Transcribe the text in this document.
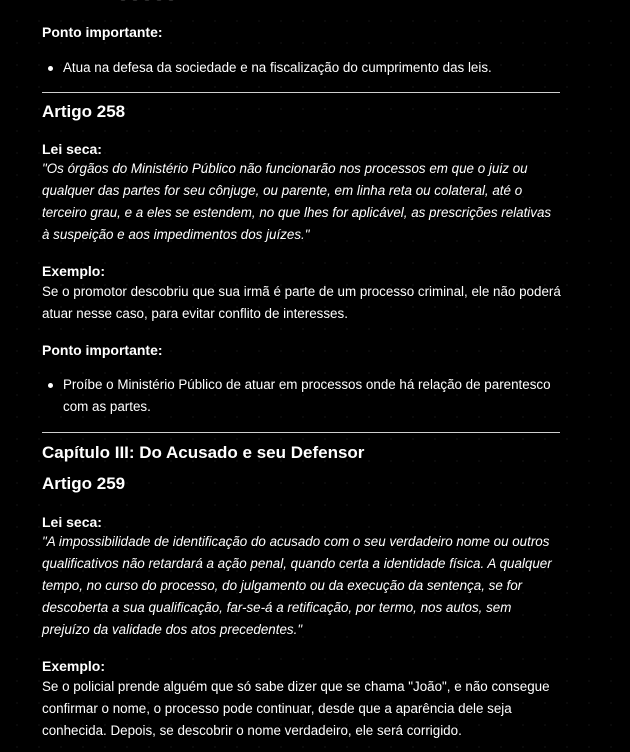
Ponto importante:

Atua na defesa da sociedade e na fiscalização do cumprimento das leis.
Artigo 258

Lei seca:

"Os órgãos do Ministério Público não funcionarão nos processos em que o juiz ou qualquer das partes for seu cônjuge, ou parente, em linha reta ou colateral, até o terceiro grau, e a eles se estendem, no que lhes for aplicável, as prescrições relativas à suspeição e aos impedimentos dos juízes."

Exemplo:

Se o promotor descobriu que sua irmã é parte de um processo criminal, ele não poderá atuar nesse caso, para evitar conflito de interesses.

Ponto importante:

Proíbe o Ministério Público de atuar em processos onde há relação de parentesco com as partes.
Capítulo III: Do Acusado e seu Defensor
Artigo 259

Lei seca:

"A impossibilidade de identificação do acusado com o seu verdadeiro nome ou outros qualificativos não retardará a ação penal, quando certa a identidade física. A qualquer tempo, no curso do processo, do julgamento ou da execução da sentença, se for descoberta a sua qualificação, far-se-á a retificação, por termo, nos autos, sem prejuízo da validade dos atos precedentes."

Exemplo:

Se o policial prende alguém que só sabe dizer que se chama "João", e não consegue confirmar o nome, o processo pode continuar, desde que a aparência dele seja conhecida. Depois, se descobrir o nome verdadeiro, ele será corrigido.
